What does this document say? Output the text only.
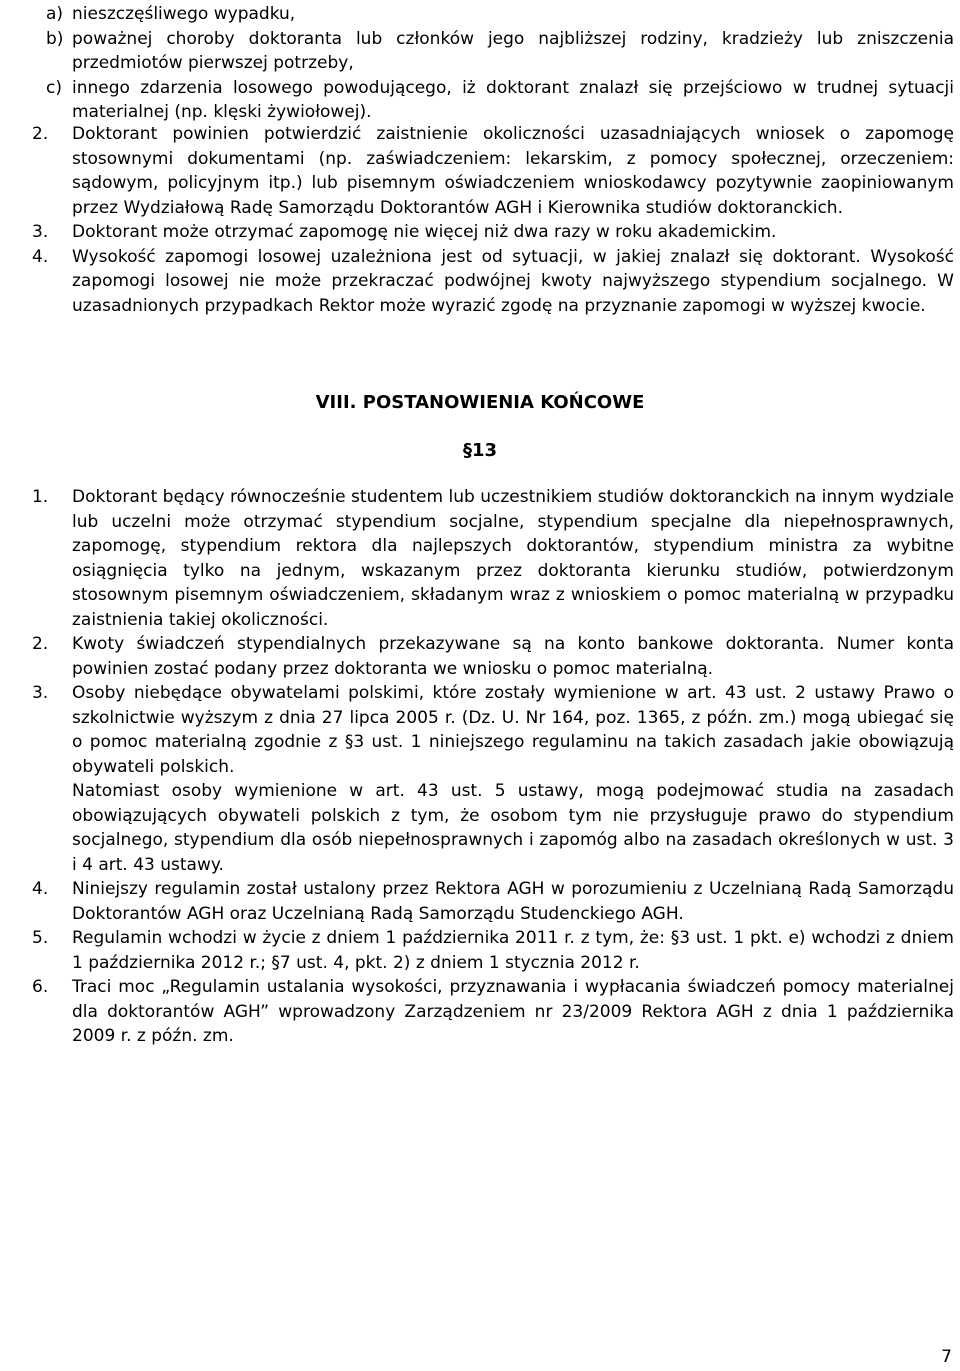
a) nieszczęśliwego wypadku,
b) poważnej choroby doktoranta lub członków jego najbliższej rodziny, kradzieży lub zniszczenia przedmiotów pierwszej potrzeby,
c) innego zdarzenia losowego powodującego, iż doktorant znalazł się przejściowo w trudnej sytuacji materialnej (np. klęski żywiołowej).
2. Doktorant powinien potwierdzić zaistnienie okoliczności uzasadniających wniosek o zapomogę stosownymi dokumentami (np. zaświadczeniem: lekarskim, z pomocy społecznej, orzeczeniem: sądowym, policyjnym itp.) lub pisemnym oświadczeniem wnioskodawcy pozytywnie zaopiniowanym przez Wydziałową Radę Samorządu Doktorantów AGH i Kierownika studiów doktoranckich.
3. Doktorant może otrzymać zapomogę nie więcej niż dwa razy w roku akademickim.
4. Wysokość zapomogi losowej uzależniona jest od sytuacji, w jakiej znalazł się doktorant. Wysokość zapomogi losowej nie może przekraczać podwójnej kwoty najwyższego stypendium socjalnego. W uzasadnionych przypadkach Rektor może wyrazić zgodę na przyznanie zapomogi w wyższej kwocie.
VIII. POSTANOWIENIA KOŃCOWE
§13
1. Doktorant będący równocześnie studentem lub uczestnikiem studiów doktoranckich na innym wydziale lub uczelni może otrzymać stypendium socjalne, stypendium specjalne dla niepełnosprawnych, zapomogę, stypendium rektora dla najlepszych doktorantów, stypendium ministra za wybitne osiągnięcia tylko na jednym, wskazanym przez doktoranta kierunku studiów, potwierdzonym stosownym pisemnym oświadczeniem, składanym wraz z wnioskiem o pomoc materialną w przypadku zaistnienia takiej okoliczności.
2. Kwoty świadczeń stypendialnych przekazywane są na konto bankowe doktoranta. Numer konta powinien zostać podany przez doktoranta we wniosku o pomoc materialną.
3. Osoby niebędące obywatelami polskimi, które zostały wymienione w art. 43 ust. 2 ustawy Prawo o szkolnictwie wyższym z dnia 27 lipca 2005 r. (Dz. U. Nr 164, poz. 1365, z późn. zm.) mogą ubiegać się o pomoc materialną zgodnie z §3 ust. 1 niniejszego regulaminu na takich zasadach jakie obowiązują obywateli polskich.
Natomiast osoby wymienione w art. 43 ust. 5 ustawy, mogą podejmować studia na zasadach obowiązujących obywateli polskich z tym, że osobom tym nie przysługuje prawo do stypendium socjalnego, stypendium dla osób niepełnosprawnych i zapomóg albo na zasadach określonych w ust. 3 i 4 art. 43 ustawy.
4. Niniejszy regulamin został ustalony przez Rektora AGH w porozumieniu z Uczelnianą Radą Samorządu Doktorantów AGH oraz Uczelnianą Radą Samorządu Studenckiego AGH.
5. Regulamin wchodzi w życie z dniem 1 października 2011 r. z tym, że: §3 ust. 1 pkt. e) wchodzi z dniem 1 października 2012 r.; §7 ust. 4, pkt. 2) z dniem 1 stycznia 2012 r.
6. Traci moc „Regulamin ustalania wysokości, przyznawania i wypłacania świadczeń pomocy materialnej dla doktorantów AGH” wprowadzony Zarządzeniem nr 23/2009 Rektora AGH z dnia 1 października 2009 r. z późn. zm.
7
